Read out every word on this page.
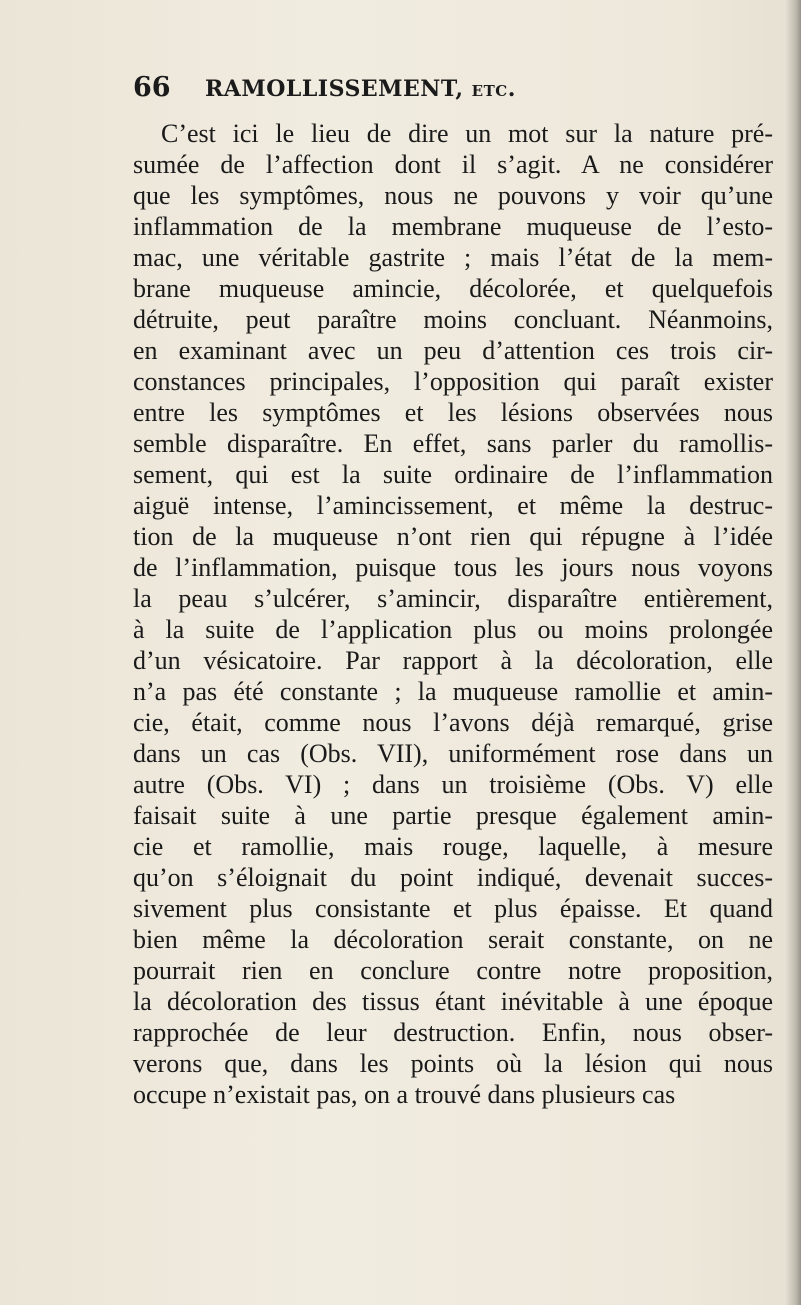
66 RAMOLLISSEMENT, etc.
C’est ici le lieu de dire un mot sur la nature pré-
sumée de l’affection dont il s’agit. A ne considérer
que les symptômes, nous ne pouvons y voir qu’une
inflammation de la membrane muqueuse de l’esto-
mac, une véritable gastrite ; mais l’état de la mem-
brane muqueuse amincie, décolorée, et quelquefois
détruite, peut paraître moins concluant. Néanmoins,
en examinant avec un peu d’attention ces trois cir-
constances principales, l’opposition qui paraît exister
entre les symptômes et les lésions observées nous
semble disparaître. En effet, sans parler du ramollis-
sement, qui est la suite ordinaire de l’inflammation
aiguë intense, l’amincissement, et même la destruc-
tion de la muqueuse n’ont rien qui répugne à l’idée
de l’inflammation, puisque tous les jours nous voyons
la peau s’ulcérer, s’amincir, disparaître entièrement,
à la suite de l’application plus ou moins prolongée
d’un vésicatoire. Par rapport à la décoloration, elle
n’a pas été constante ; la muqueuse ramollie et amin-
cie, était, comme nous l’avons déjà remarqué, grise
dans un cas (Obs. VII), uniformément rose dans un
autre (Obs. VI) ; dans un troisième (Obs. V) elle
faisait suite à une partie presque également amin-
cie et ramollie, mais rouge, laquelle, à mesure
qu’on s’éloignait du point indiqué, devenait succes-
sivement plus consistante et plus épaisse. Et quand
bien même la décoloration serait constante, on ne
pourrait rien en conclure contre notre proposition,
la décoloration des tissus étant inévitable à une époque
rapprochée de leur destruction. Enfin, nous obser-
verons que, dans les points où la lésion qui nous
occupe n’existait pas, on a trouvé dans plusieurs cas
